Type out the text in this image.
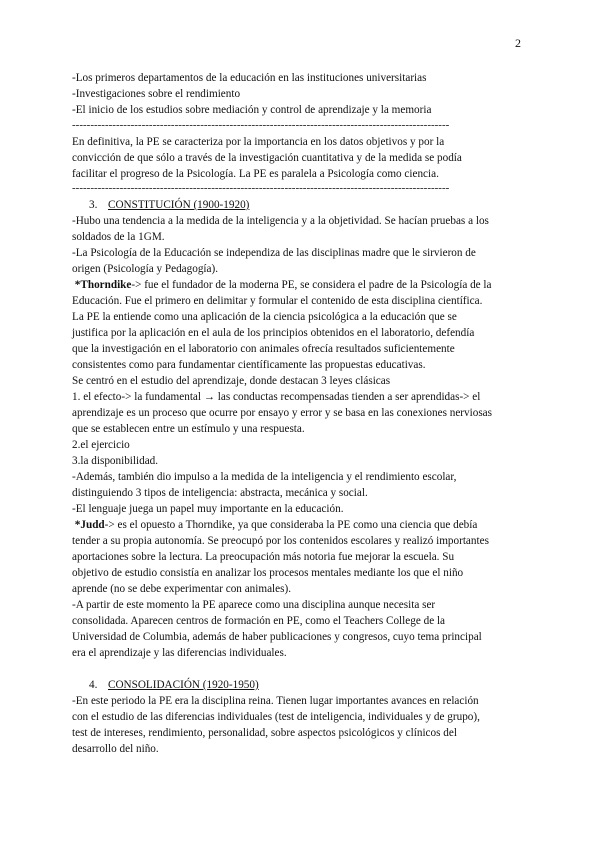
2

-Los primeros departamentos de la educación en las instituciones universitarias

-Investigaciones sobre el rendimiento

-El inicio de los estudios sobre mediación y control de aprendizaje y la memoria

-------------------------------------------------------------------------------------------------------

En definitiva, la PE se caracteriza por la importancia en los datos objetivos y por la

convicción de que sólo a través de la investigación cuantitativa y de la medida se podía

facilitar el progreso de la Psicología. La PE es paralela a Psicología como ciencia.

-------------------------------------------------------------------------------------------------------

3. CONSTITUCIÓN (1900-1920)

-Hubo una tendencia a la medida de la inteligencia y a la objetividad. Se hacían pruebas a los

soldados de la 1GM.

-La Psicología de la Educación se independiza de las disciplinas madre que le sirvieron de

origen (Psicología y Pedagogía).

*Thorndike-> fue el fundador de la moderna PE, se considera el padre de la Psicología de la

Educación. Fue el primero en delimitar y formular el contenido de esta disciplina científica.

La PE la entiende como una aplicación de la ciencia psicológica a la educación que se

justifica por la aplicación en el aula de los principios obtenidos en el laboratorio, defendía

que la investigación en el laboratorio con animales ofrecía resultados suficientemente

consistentes como para fundamentar científicamente las propuestas educativas.

Se centró en el estudio del aprendizaje, donde destacan 3 leyes clásicas

1. el efecto-> la fundamental → las conductas recompensadas tienden a ser aprendidas-> el

aprendizaje es un proceso que ocurre por ensayo y error y se basa en las conexiones nerviosas

que se establecen entre un estímulo y una respuesta.

2.el ejercicio

3.la disponibilidad.

-Además, también dio impulso a la medida de la inteligencia y el rendimiento escolar,

distinguiendo 3 tipos de inteligencia: abstracta, mecánica y social.

-El lenguaje juega un papel muy importante en la educación.

*Judd-> es el opuesto a Thorndike, ya que consideraba la PE como una ciencia que debía

tender a su propia autonomía. Se preocupó por los contenidos escolares y realizó importantes

aportaciones sobre la lectura. La preocupación más notoria fue mejorar la escuela. Su

objetivo de estudio consistía en analizar los procesos mentales mediante los que el niño

aprende (no se debe experimentar con animales).

-A partir de este momento la PE aparece como una disciplina aunque necesita ser

consolidada. Aparecen centros de formación en PE, como el Teachers College de la

Universidad de Columbia, además de haber publicaciones y congresos, cuyo tema principal

era el aprendizaje y las diferencias individuales.

4. CONSOLIDACIÓN (1920-1950)

-En este periodo la PE era la disciplina reina. Tienen lugar importantes avances en relación

con el estudio de las diferencias individuales (test de inteligencia, individuales y de grupo),

test de intereses, rendimiento, personalidad, sobre aspectos psicológicos y clínicos del

desarrollo del niño.
